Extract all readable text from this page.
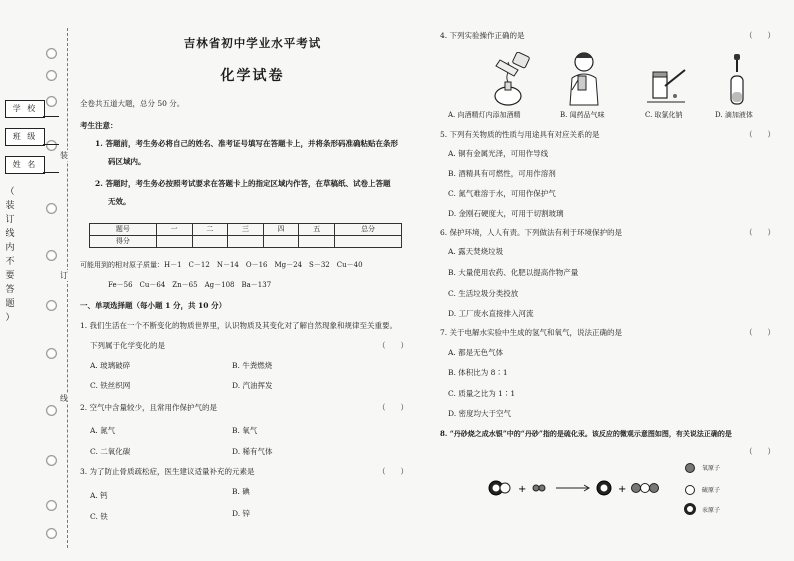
学 校
班 级
姓 名
（
装
订
线
内
不
要
答
题
）
装
订
线
吉林省初中学业水平考试
化学试卷
全卷共五道大题，总分 50 分。
考生注意：
1. 答题前，考生务必将自己的姓名、准考证号填写在答题卡上，并将条形码准确粘贴在条形
码区域内。
2. 答题时，考生务必按照考试要求在答题卡上的指定区域内作答，在草稿纸、试卷上答题
无效。
题号	一	二	三	四	五	总分
得分						
可能用到的相对原子质量：H－1　C－12　N－14　O－16　Mg－24　S－32　Cu－40
Fe－56　Cu－64　Zn－65　Ag－108　Ba－137
一、单项选择题（每小题 1 分，共 10 分）
1. 我们生活在一个不断变化的物质世界里，认识物质及其变化对了解自然现象和规律至关重要。
下列属于化学变化的是	（　　）
A. 玻璃破碎	B. 牛粪燃烧
C. 铁丝织网	D. 汽油挥发
2. 空气中含量较少，且常用作保护气的是	（　　）
A. 氮气	B. 氧气
C. 二氧化碳	D. 稀有气体
3. 为了防止骨质疏松症，医生建议适量补充的元素是	（　　）
A. 钙	B. 碘
C. 铁	D. 锌
4. 下列实验操作正确的是	（　　）
A. 向酒精灯内添加酒精	B. 闻药品气味	C. 取氯化钠	D. 滴加液体
5. 下列有关物质的性质与用途具有对应关系的是	（　　）
A. 铜有金属光泽，可用作导线
B. 酒精具有可燃性，可用作溶剂
C. 氮气难溶于水，可用作保护气
D. 金刚石硬度大，可用于切割玻璃
6. 保护环境，人人有责。下列做法有利于环境保护的是	（　　）
A. 露天焚烧垃圾
B. 大量使用农药、化肥以提高作物产量
C. 生活垃圾分类投放
D. 工厂废水直接排入河流
7. 关于电解水实验中生成的氢气和氧气，说法正确的是	（　　）
A. 都是无色气体
B. 体积比为 8∶1
C. 质量之比为 1∶1
D. 密度均大于空气
8. “丹砂烧之成水银”中的“丹砂”指的是硫化汞。该反应的微观示意图如图，有关说法正确的是
（　　）
+	+
氧原子
硫原子
汞原子
